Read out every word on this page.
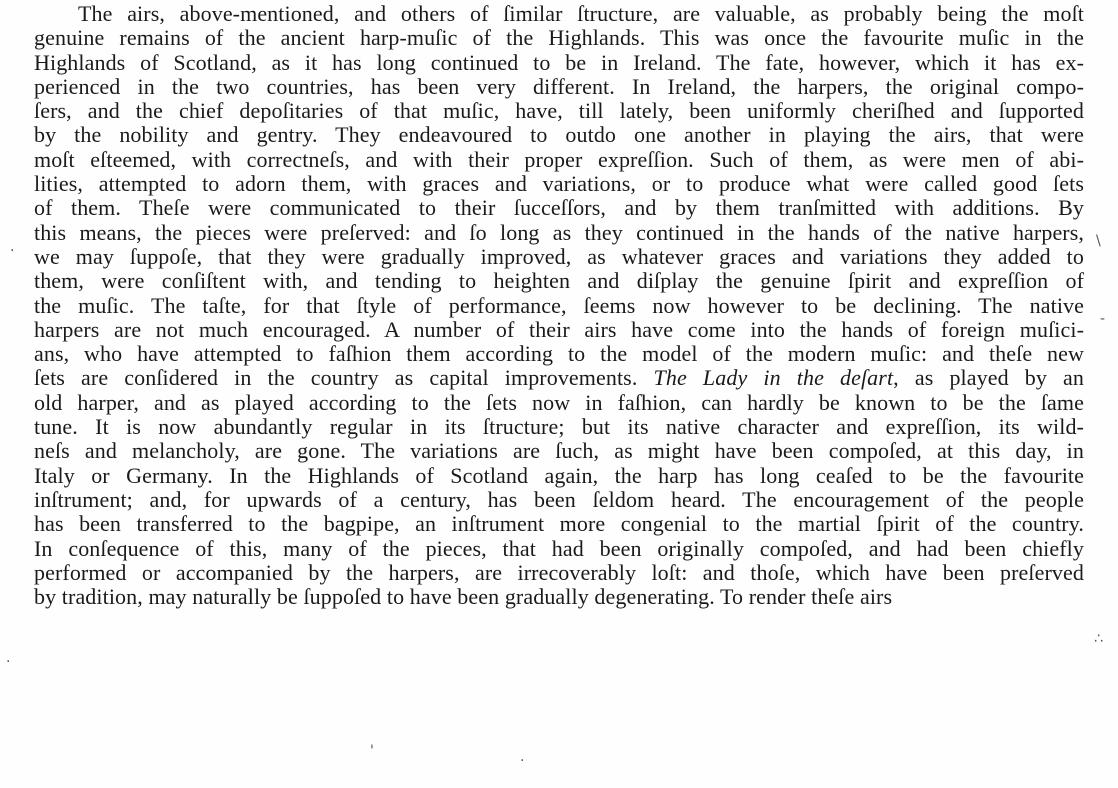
The airs, above-mentioned, and others of ſimilar ſtructure, are valuable, as probably being the moſt
genuine remains of the ancient harp-muſic of the Highlands. This was once the favourite muſic in the
Highlands of Scotland, as it has long continued to be in Ireland. The fate, however, which it has ex-
perienced in the two countries, has been very different. In Ireland, the harpers, the original compo-
ſers, and the chief depoſitaries of that muſic, have, till lately, been uniformly cheriſhed and ſupported
by the nobility and gentry. They endeavoured to outdo one another in playing the airs, that were
moſt eſteemed, with correctneſs, and with their proper expreſſion. Such of them, as were men of abi-
lities, attempted to adorn them, with graces and variations, or to produce what were called good ſets
of them. Theſe were communicated to their ſucceſſors, and by them tranſmitted with additions. By
this means, the pieces were preſerved: and ſo long as they continued in the hands of the native harpers,
we may ſuppoſe, that they were gradually improved, as whatever graces and variations they added to
them, were conſiſtent with, and tending to heighten and diſplay the genuine ſpirit and expreſſion of
the muſic. The taſte, for that ſtyle of performance, ſeems now however to be declining. The native
harpers are not much encouraged. A number of their airs have come into the hands of foreign muſici-
ans, who have attempted to faſhion them according to the model of the modern muſic: and theſe new
ſets are conſidered in the country as capital improvements. The Lady in the deſart, as played by an
old harper, and as played according to the ſets now in faſhion, can hardly be known to be the ſame
tune. It is now abundantly regular in its ſtructure; but its native character and expreſſion, its wild-
neſs and melancholy, are gone. The variations are ſuch, as might have been compoſed, at this day, in
Italy or Germany. In the Highlands of Scotland again, the harp has long ceaſed to be the favourite
inſtrument; and, for upwards of a century, has been ſeldom heard. The encouragement of the people
has been transferred to the bagpipe, an inſtrument more congenial to the martial ſpirit of the country.
In conſequence of this, many of the pieces, that had been originally compoſed, and had been chiefly
performed or accompanied by the harpers, are irrecoverably loſt: and thoſe, which have been preſerved
by tradition, may naturally be ſuppoſed to have been gradually degenerating. To render theſe airs
·
·
\
∴
-
·
'
